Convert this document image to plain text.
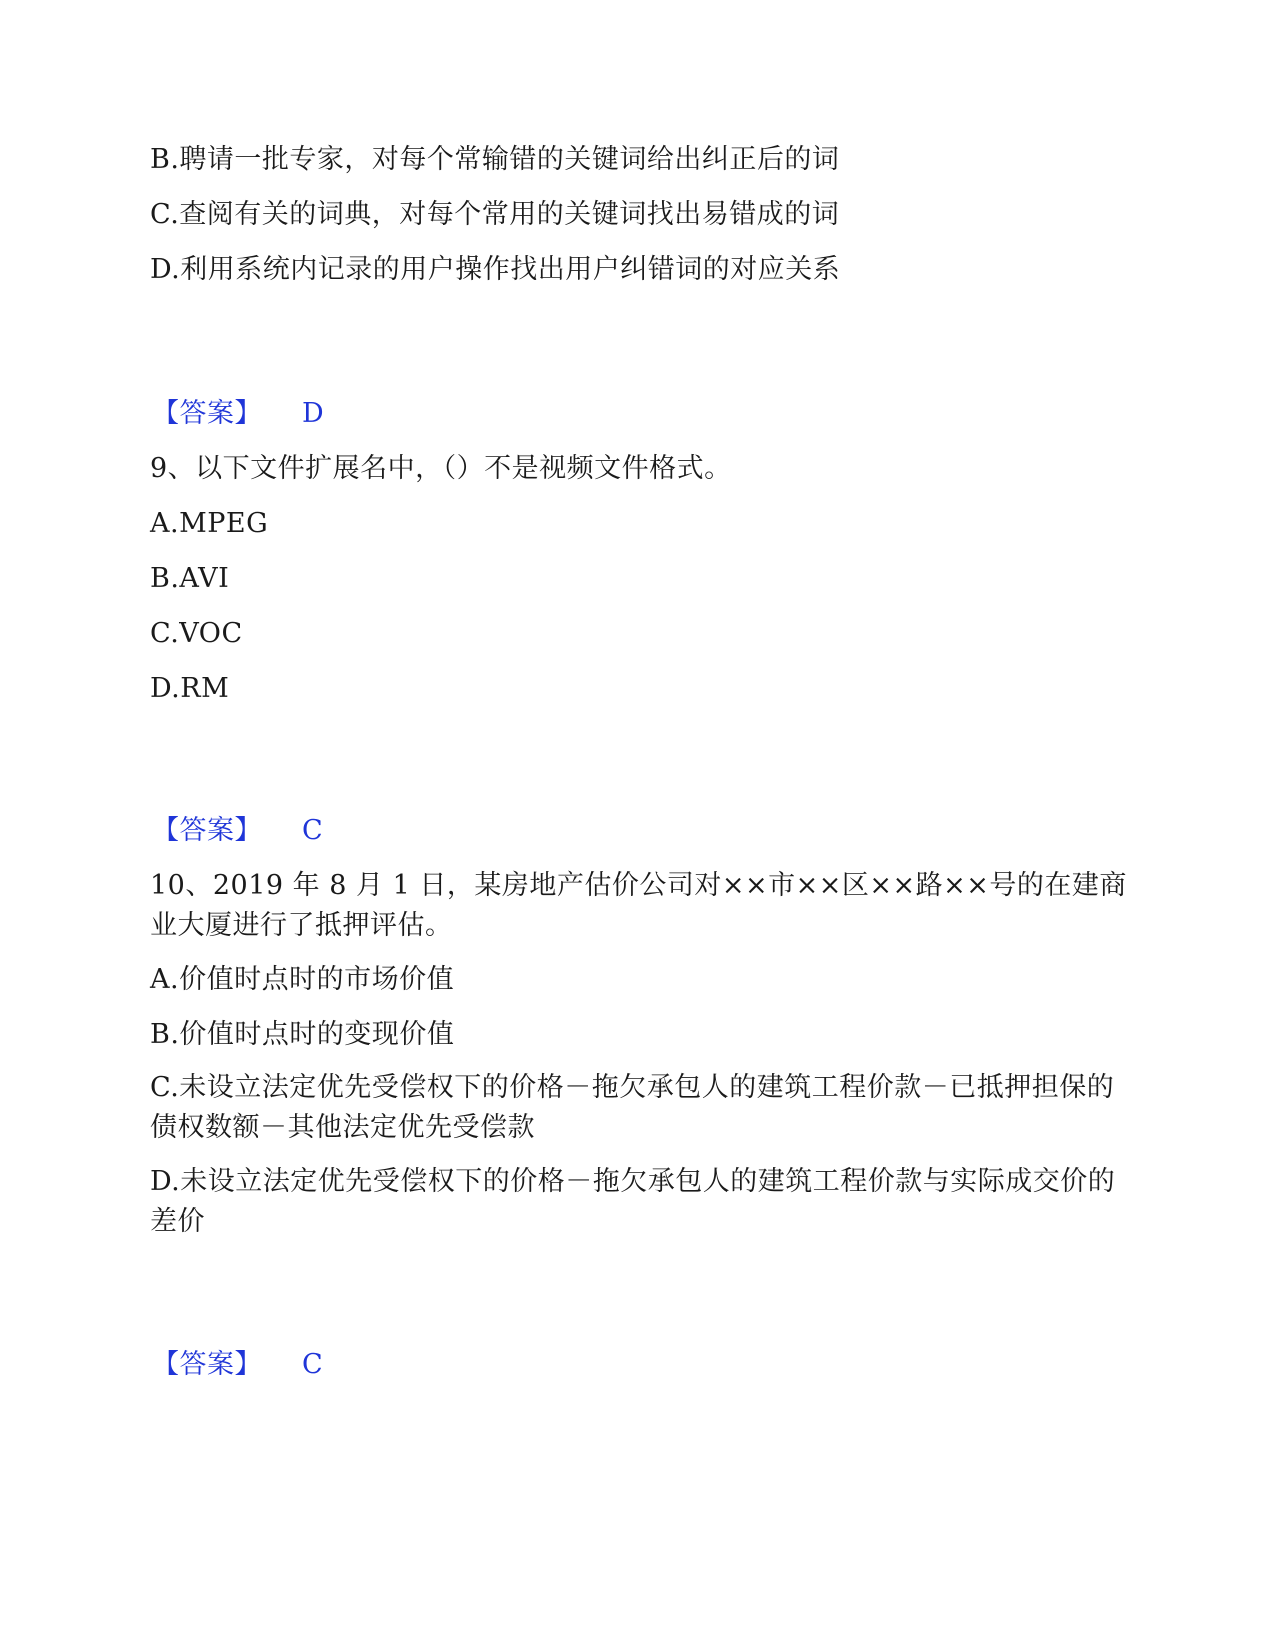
B.聘请一批专家，对每个常输错的关键词给出纠正后的词
C.查阅有关的词典，对每个常用的关键词找出易错成的词
D.利用系统内记录的用户操作找出用户纠错词的对应关系
【答案】 D
9、以下文件扩展名中，（）不是视频文件格式。
A.MPEG
B.AVI
C.VOC
D.RM
【答案】 C
10、2019 年 8 月 1 日，某房地产估价公司对××市××区××路××号的在建商业大厦进行了抵押评估。
A.价值时点时的市场价值
B.价值时点时的变现价值
C.未设立法定优先受偿权下的价格－拖欠承包人的建筑工程价款－已抵押担保的债权数额－其他法定优先受偿款
D.未设立法定优先受偿权下的价格－拖欠承包人的建筑工程价款与实际成交价的差价
【答案】 C
